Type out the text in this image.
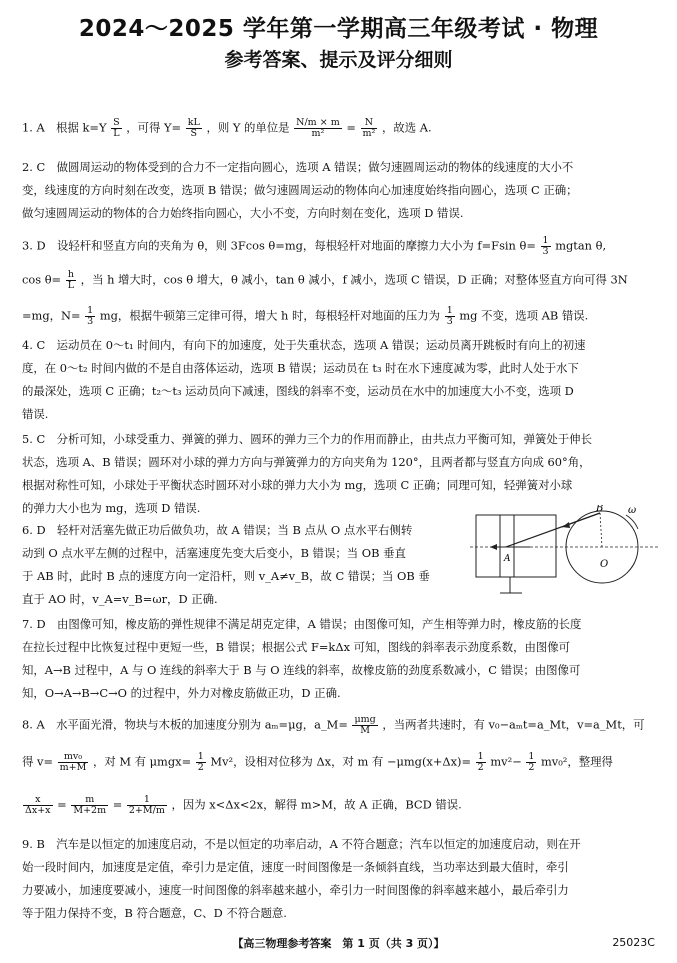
2024～2025 学年第一学期高三年级考试 · 物理
参考答案、提示及评分细则
1. A　根据 $k=Y \frac{S}{L}$ ，可得 $Y= \frac{kL}{S}$ ，则 Y 的单位是 $\frac{N/m \times m}{\text{m²}} = \frac{N}{\text{m²}}$ ，故选 A.
2. C　做圆周运动的物体受到的合力不一定指向圆心，选项 A 错误；做匀速圆周运动的物体的线速度的大小不
变，线速度的方向时刻在改变，选项 B 错误；做匀速圆周运动的物体向心加速度始终指向圆心，选项 C 正确；
做匀速圆周运动的物体的合力始终指向圆心，大小不变，方向时刻在变化，选项 D 错误.
3. D　设轻杆和竖直方向的夹角为 θ，则 3Fcos θ=mg，每根轻杆对地面的摩擦力大小为 f=Fsin $\theta= \frac{1}{3}$ mgtan θ,
$\cos \theta= \frac{h}{L}$ ，当 h 增大时，cos θ 增大，θ 减小，tan θ 减小，f 减小，选项 C 错误，D 正确；对整体竖直方向可得 3N
=mg，$N= \frac{1}{3}$ mg，根据牛顿第三定律可得，增大 h 时，每根轻杆对地面的压力为 $\frac{1}{3}$ mg 不变，选项 AB 错误.
4. C　运动员在 0～t₁ 时间内，有向下的加速度，处于失重状态，选项 A 错误；运动员离开跳板时有向上的初速
度，在 0～t₂ 时间内做的不是自由落体运动，选项 B 错误；运动员在 t₃ 时在水下速度减为零，此时人处于水下
的最深处，选项 C 正确；t₂～t₃ 运动员向下减速，图线的斜率不变，运动员在水中的加速度大小不变，选项 D
错误.
5. C　分析可知，小球受重力、弹簧的弹力、圆环的弹力三个力的作用而静止，由共点力平衡可知，弹簧处于伸长
状态，选项 A、B 错误；圆环对小球的弹力方向与弹簧弹力的方向夹角为 120°，且两者都与竖直方向成 60°角，
根据对称性可知，小球处于平衡状态时圆环对小球的弹力大小为 mg，选项 C 正确；同理可知，轻弹簧对小球
的弹力大小也为 mg，选项 D 错误.
6. D　轻杆对活塞先做正功后做负功，故 A 错误；当 B 点从 O 点水平右侧转
动到 O 点水平左侧的过程中，活塞速度先变大后变小，B 错误；当 OB 垂直
于 AB 时，此时 B 点的速度方向一定沿杆，则 v_A≠v_B，故 C 错误；当 OB 垂
直于 AO 时，v_A=v_B=ωr，D 正确.
B
O
A
ω
7. D　由图像可知，橡皮筋的弹性规律不满足胡克定律，A 错误；由图像可知，产生相等弹力时，橡皮筋的长度
在拉长过程中比恢复过程中更短一些，B 错误；根据公式 F=kΔx 可知，图线的斜率表示劲度系数，由图像可
知，A→B 过程中，A 与 O 连线的斜率大于 B 与 O 连线的斜率，故橡皮筋的劲度系数减小，C 错误；由图像可
知，O→A→B→C→O 的过程中，外力对橡皮筋做正功，D 正确.
8. A　水平面光滑，物块与木板的加速度分别为 aₘ=μg，a_M= $\frac{\text{μmg}}{M}$ ，当两者共速时，有 v₀−aₘt=a_Mt，v=a_Mt，可
得 $v= \frac{\text{mv₀}}{m+M}$ ，对 M 有 $\mu mgx= \frac{1}{2} Mv^2$，设相对位移为 Δx，对 m 有 $-\mu mg(x+\Delta x)= \frac{1}{2} mv^2- \frac{1}{2} mv_0^2$，整理得
$\frac{x}{\Delta x+x} = \frac{m}{M+2m} = \frac{1}{2+M/m}$ ，因为 x<Δx<2x，解得 m>M，故 A 正确，BCD 错误.
9. B　汽车是以恒定的加速度启动，不是以恒定的功率启动，A 不符合题意；汽车以恒定的加速度启动，则在开
始一段时间内，加速度是定值，牵引力是定值，速度一时间图像是一条倾斜直线，当功率达到最大值时，牵引
力要减小，加速度要减小，速度一时间图像的斜率越来越小，牵引力一时间图像的斜率越来越小，最后牵引力
等于阻力保持不变，B 符合题意，C、D 不符合题意.
【高三物理参考答案　第 1 页（共 3 页）】	25023C
